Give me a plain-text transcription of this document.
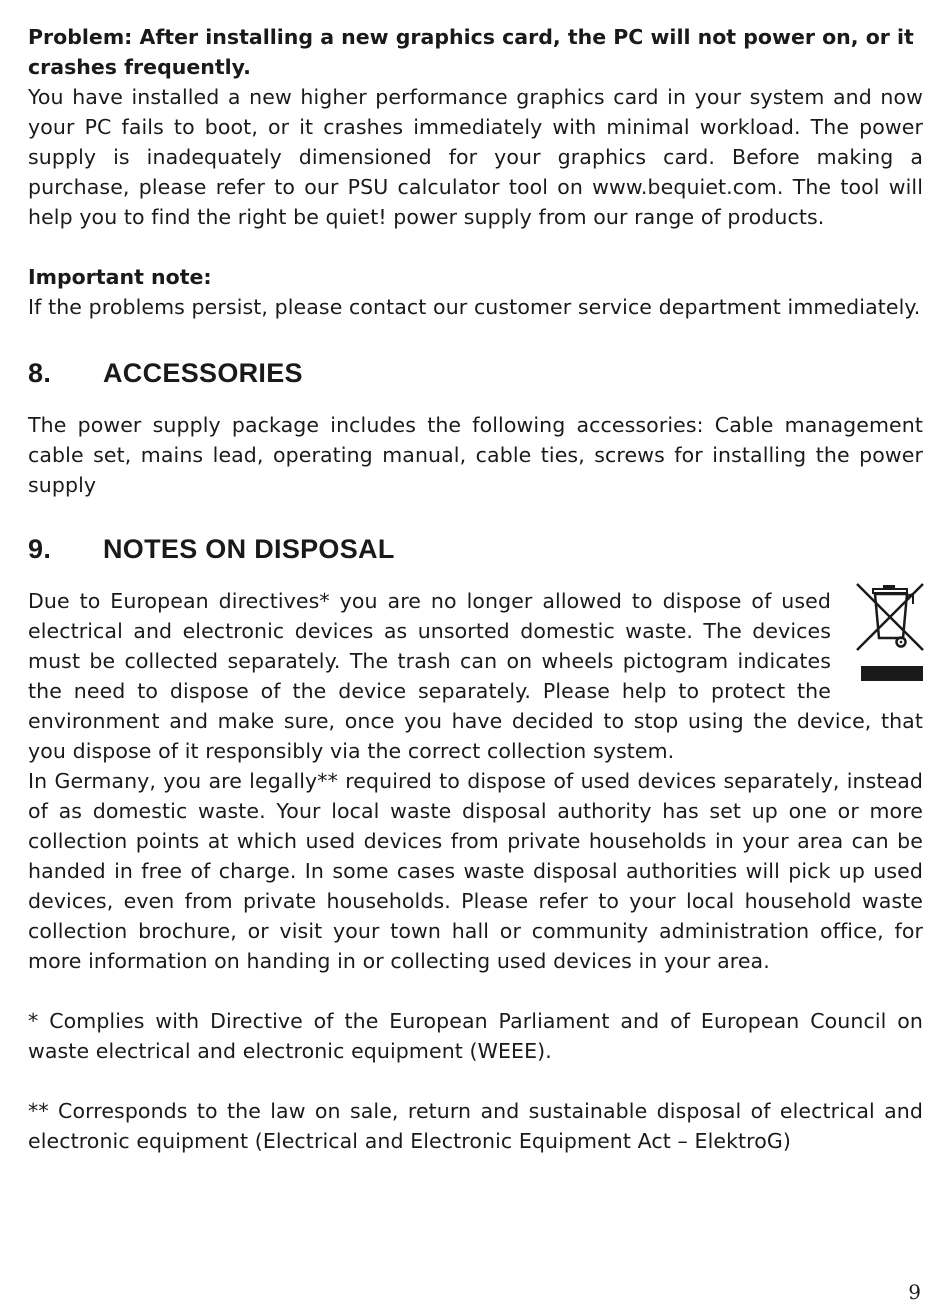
Problem: After installing a new graphics card, the PC will not power on, or it crashes frequently.

You have installed a new higher performance graphics card in your system and now your PC fails to boot, or it crashes immediately with minimal workload. The power supply is inadequately dimensioned for your graphics card. Before making a purchase, please refer to our PSU calculator tool on www.bequiet.com. The tool will help you to find the right be quiet! power supply from our range of products.

Important note:

If the problems persist, please contact our customer service department immediately.

8.	ACCESSORIES

The power supply package includes the following accessories: Cable management cable set, mains lead, operating manual, cable ties, screws for installing the power supply

9.	NOTES ON DISPOSAL

Due to European directives* you are no longer allowed to dispose of used electrical and electronic devices as unsorted domestic waste. The devices must be collected separately. The trash can on wheels pictogram indicates the need to dispose of the device separately. Please help to protect the environment and make sure, once you have decided to stop using the device, that you dispose of it responsibly via the correct collection system.

In Germany, you are legally** required to dispose of used devices separately, instead of as domestic waste. Your local waste disposal authority has set up one or more collection points at which used devices from private households in your area can be handed in free of charge. In some cases waste disposal authorities will pick up used devices, even from private households. Please refer to your local household waste collection brochure, or visit your town hall or community administration office, for more information on handing in or collecting used devices in your area.

* Complies with Directive of the European Parliament and of European Council on waste electrical and electronic equipment (WEEE).

** Corresponds to the law on sale, return and sustainable disposal of electrical and electronic equipment (Electrical and Electronic Equipment Act – ElektroG)

9
